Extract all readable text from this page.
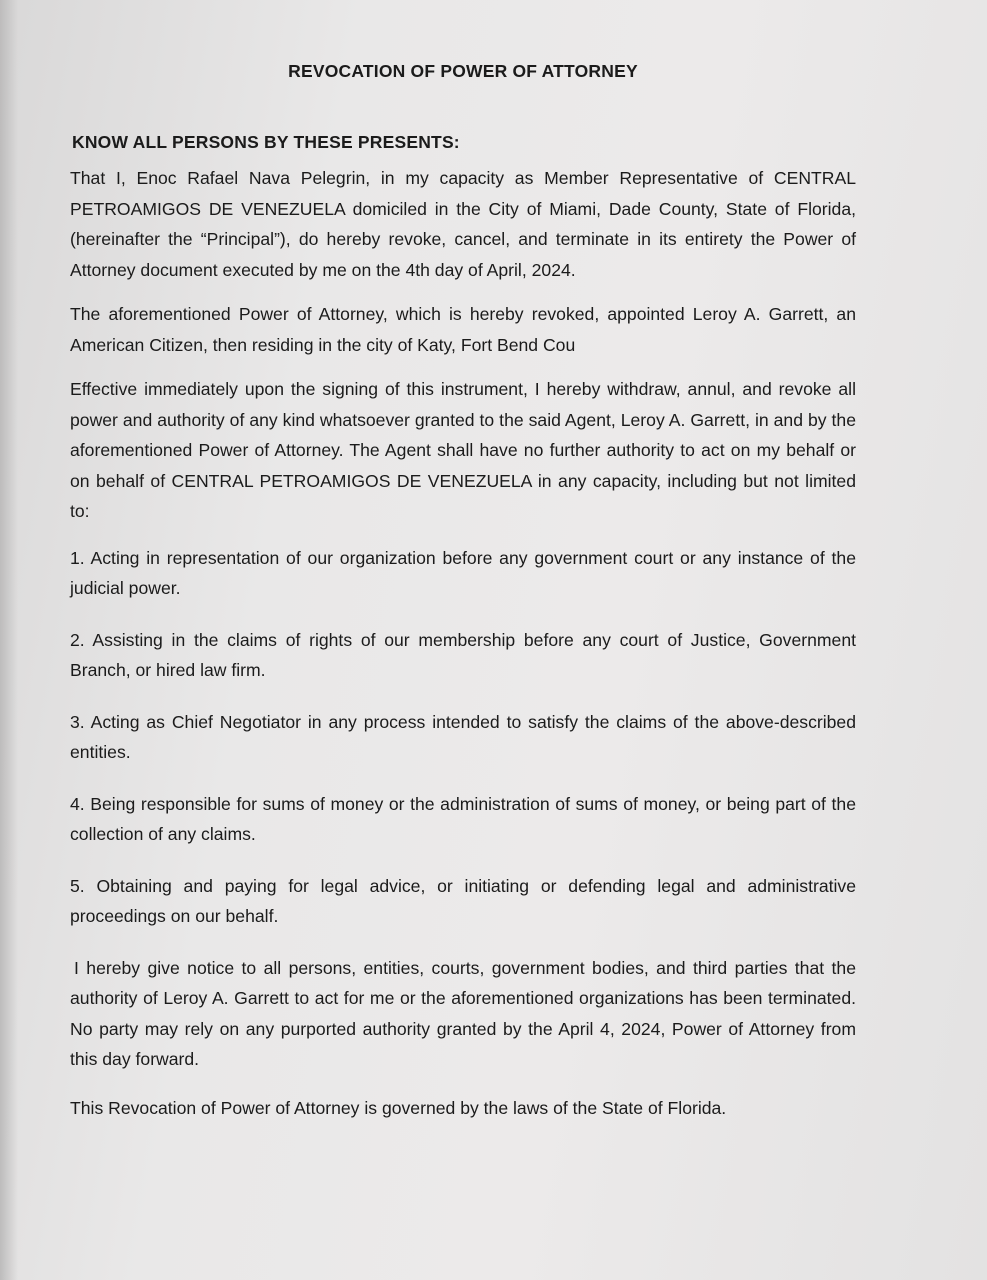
REVOCATION OF POWER OF ATTORNEY
KNOW ALL PERSONS BY THESE PRESENTS:

That I, Enoc Rafael Nava Pelegrin, in my capacity as Member Representative of CENTRAL PETROAMIGOS DE VENEZUELA domiciled in the City of Miami, Dade County, State of Florida, (hereinafter the “Principal”), do hereby revoke, cancel, and terminate in its entirety the Power of Attorney document executed by me on the 4th day of April, 2024.

The aforementioned Power of Attorney, which is hereby revoked, appointed Leroy A. Garrett, an American Citizen, then residing in the city of Katy, Fort Bend Cou

Effective immediately upon the signing of this instrument, I hereby withdraw, annul, and revoke all power and authority of any kind whatsoever granted to the said Agent, Leroy A. Garrett, in and by the aforementioned Power of Attorney. The Agent shall have no further authority to act on my behalf or on behalf of CENTRAL PETROAMIGOS DE VENEZUELA in any capacity, including but not limited to:

1. Acting in representation of our organization before any government court or any instance of the judicial power.

2. Assisting in the claims of rights of our membership before any court of Justice, Government Branch, or hired law firm.

3. Acting as Chief Negotiator in any process intended to satisfy the claims of the above-described entities.

4. Being responsible for sums of money or the administration of sums of money, or being part of the collection of any claims.

5. Obtaining and paying for legal advice, or initiating or defending legal and administrative proceedings on our behalf.

I hereby give notice to all persons, entities, courts, government bodies, and third parties that the authority of Leroy A. Garrett to act for me or the aforementioned organizations has been terminated. No party may rely on any purported authority granted by the April 4, 2024, Power of Attorney from this day forward.

This Revocation of Power of Attorney is governed by the laws of the State of Florida.
